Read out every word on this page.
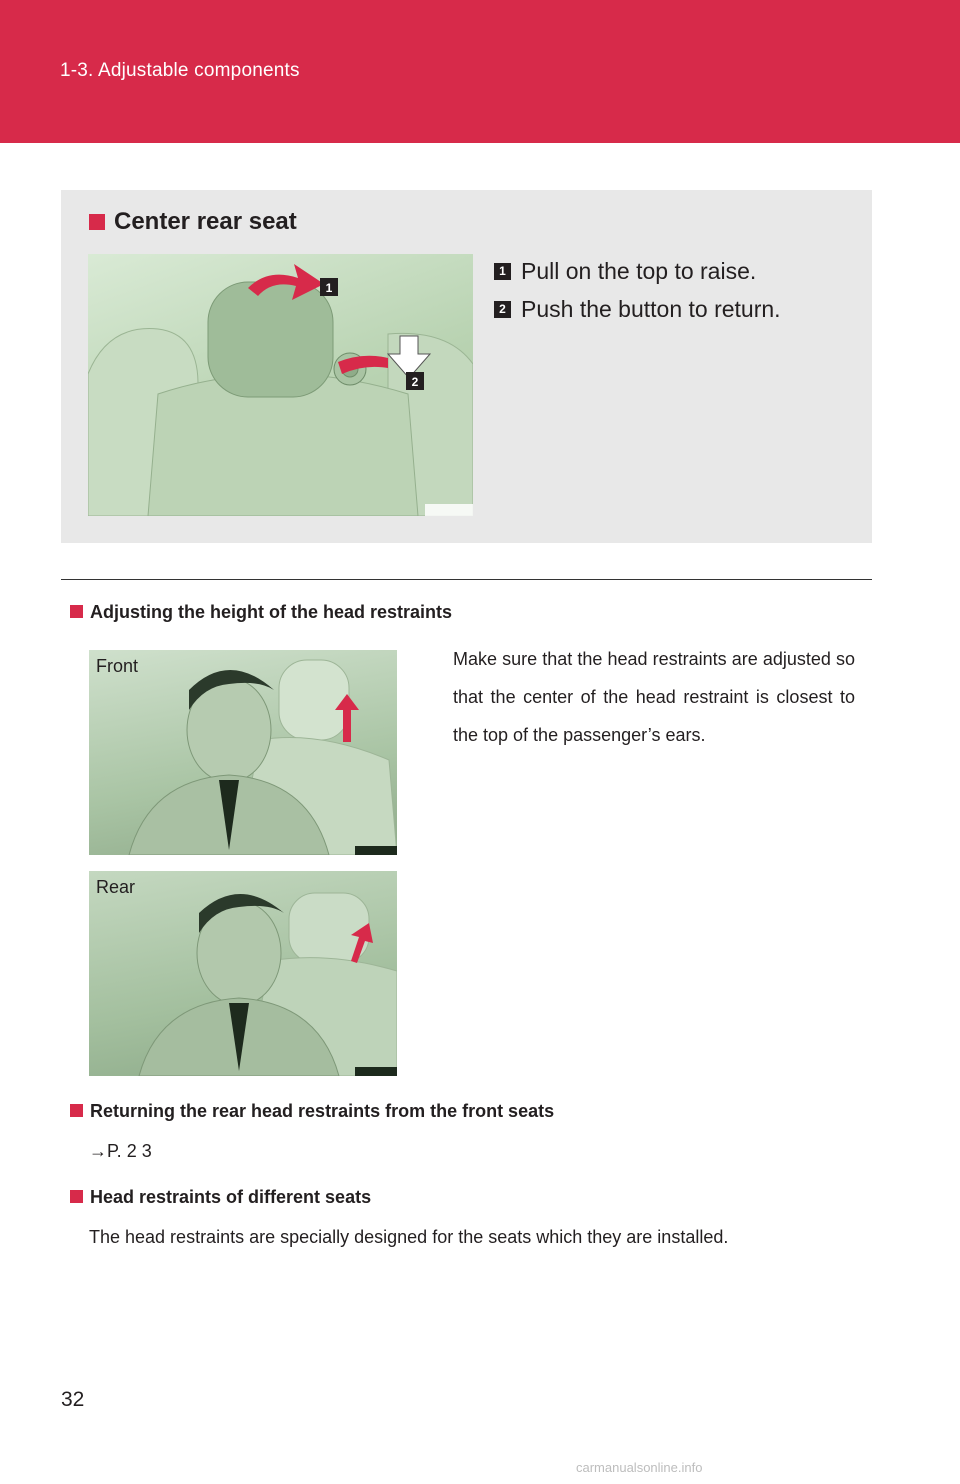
1-3. Adjustable components
Center rear seat
1
2
1 Pull on the top to raise.
2 Push the button to return.
Adjusting the height of the head restraints
Front
Rear
Make sure that the head restraints are adjusted so that the center of the head restraint is closest to the top of the passenger’s ears.
Returning the rear head restraints from the front seats
→P. 2 3
Head restraints of different seats
The head restraints are specially designed for the seats which they are installed.
32
carmanualsonline.info
